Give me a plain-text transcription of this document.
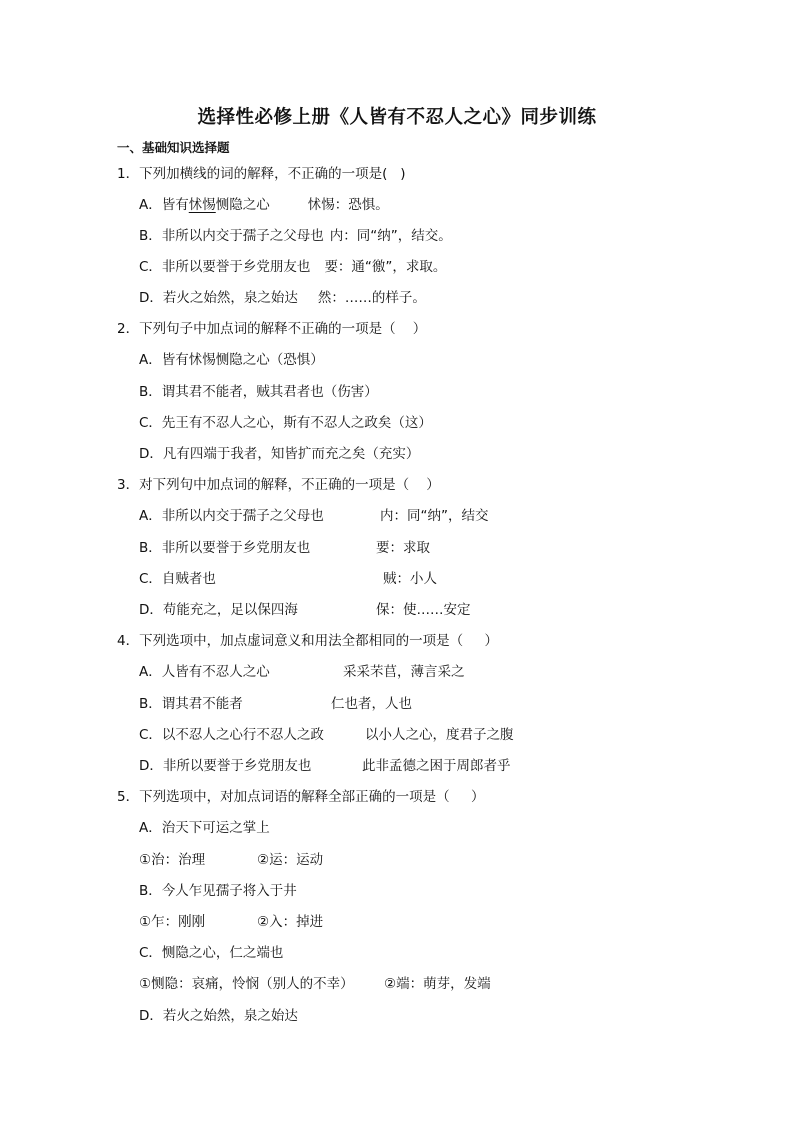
选择性必修上册《人皆有不忍人之心》同步训练
一、基础知识选择题
1．下列加横线的词的解释，不正确的一项是(   )
A．皆有怵惕恻隐之心	怵惕：恐惧。
B．非所以内交于孺子之父母也 内：同“纳”，结交。
C．非所以要誉于乡党朋友也 要：通“徼”，求取。
D．若火之始然，泉之始达 然：……的样子。
2．下列句子中加点词的解释不正确的一项是（    ）
A．皆有怵惕恻隐之心（恐惧）
B．谓其君不能者，贼其君者也（伤害）
C．先王有不忍人之心，斯有不忍人之政矣（这）
D．凡有四端于我者，知皆扩而充之矣（充实）
3．对下列句中加点词的解释，不正确的一项是（    ）
A．非所以内交于孺子之父母也	内：同“纳”，结交
B．非所以要誉于乡党朋友也	要：求取
C．自贼者也	贼：小人
D．苟能充之，足以保四海	保：使……安定
4．下列选项中，加点虚词意义和用法全都相同的一项是（     ）
A．人皆有不忍人之心	采采芣苢，薄言采之
B．谓其君不能者	仁也者，人也
C．以不忍人之心行不忍人之政	以小人之心，度君子之腹
D．非所以要誉于乡党朋友也	此非孟德之困于周郎者乎
5．下列选项中，对加点词语的解释全部正确的一项是（     ）
A．治天下可运之掌上
①治：治理	②运：运动
B．今人乍见孺子将入于井
①乍：刚刚	②入：掉进
C．恻隐之心，仁之端也
①恻隐：哀痛，怜悯（别人的不幸） ②端：萌芽，发端
D．若火之始然，泉之始达
